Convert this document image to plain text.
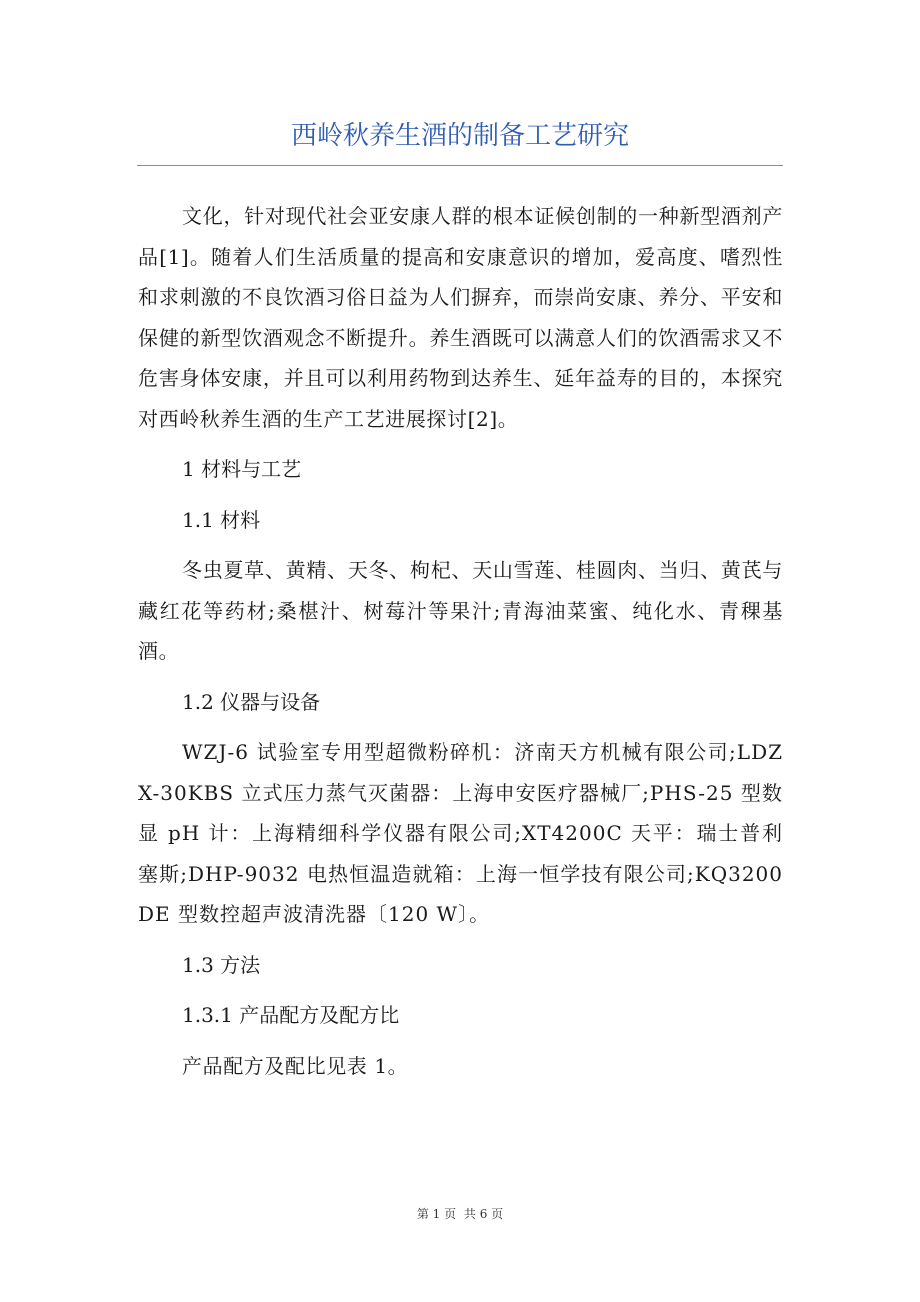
西岭秋养生酒的制备工艺研究

文化，针对现代社会亚安康人群的根本证候创制的一种新型酒剂产品[1]。随着人们生活质量的提高和安康意识的增加，爱高度、嗜烈性和求刺激的不良饮酒习俗日益为人们摒弃，而崇尚安康、养分、平安和保健的新型饮酒观念不断提升。养生酒既可以满意人们的饮酒需求又不危害身体安康，并且可以利用药物到达养生、延年益寿的目的，本探究对西岭秋养生酒的生产工艺进展探讨[2]。

1 材料与工艺

1.1 材料

冬虫夏草、黄精、天冬、枸杞、天山雪莲、桂圆肉、当归、黄芪与藏红花等药材;桑椹汁、树莓汁等果汁;青海油菜蜜、纯化水、青稞基酒。

1.2 仪器与设备

WZJ-6 试验室专用型超微粉碎机：济南天方机械有限公司;LDZX-30KBS 立式压力蒸气灭菌器：上海申安医疗器械厂;PHS-25 型数显 pH 计：上海精细科学仪器有限公司;XT4200C 天平：瑞士普利塞斯;DHP-9032 电热恒温造就箱：上海一恒学技有限公司;KQ3200DE 型数控超声波清洗器〔120 W〕。

1.3 方法

1.3.1 产品配方及配方比

产品配方及配比见表 1。

第 1 页 共 6 页
